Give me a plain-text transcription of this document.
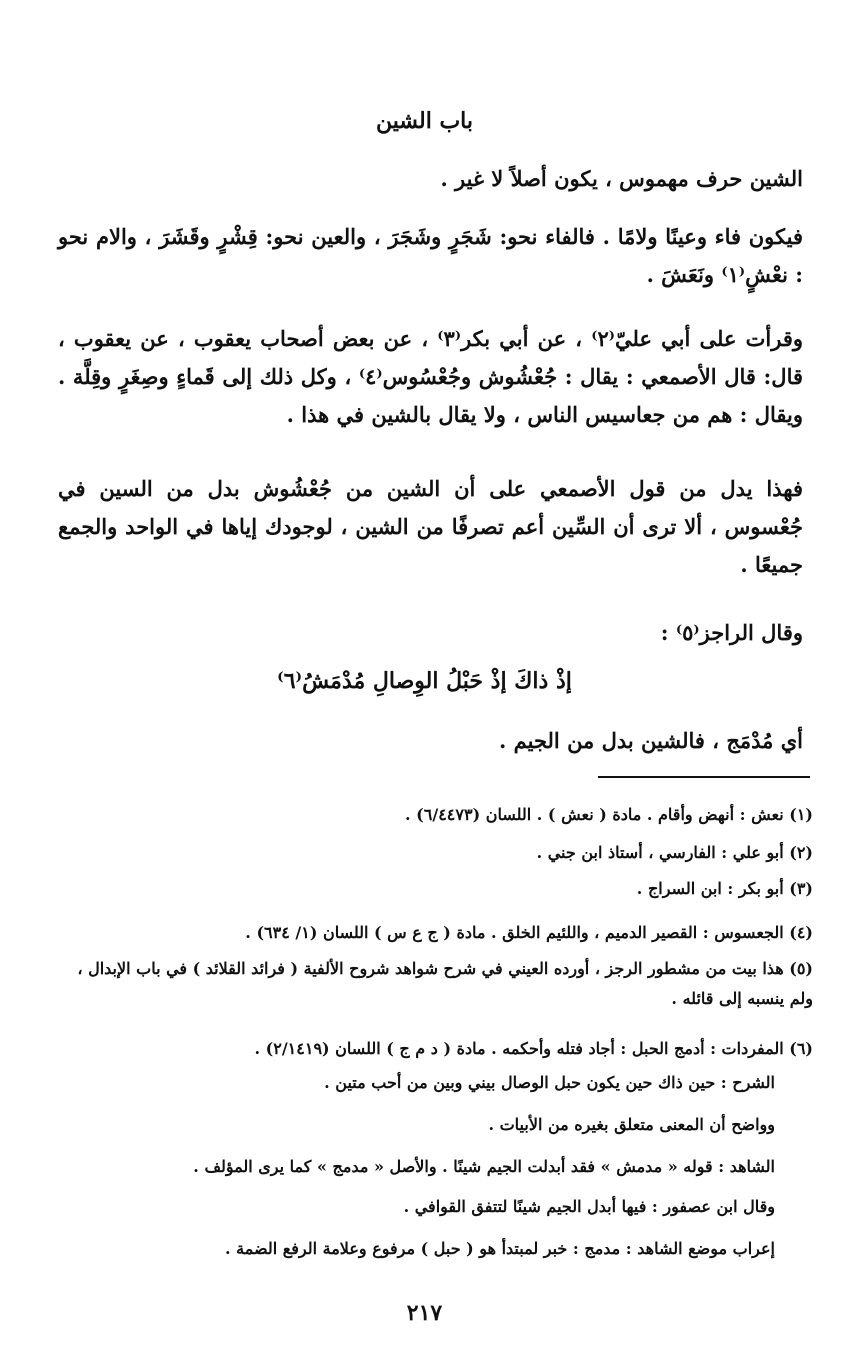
باب الشين

الشين حرف مهموس ، يكون أصلاً لا غير .

فيكون فاء وعينًا ولامًا . فالفاء نحو: شَجَرٍ وشَجَرَ ، والعين نحو: قِشْرٍ وقَشَرَ ، والام نحو : نعْشٍ⁽١⁾ ونَعَشَ .

وقرأت على أبي عليّ⁽٢⁾ ، عن أبي بكر⁽٣⁾ ، عن بعض أصحاب يعقوب ، عن يعقوب ، قال: قال الأصمعي : يقال : جُعْشُوش وجُعْسُوس⁽٤⁾ ، وكل ذلك إلى قَماءٍ وصِغَرٍ وقِلَّة . ويقال : هم من جعاسيس الناس ، ولا يقال بالشين في هذا .

فهذا يدل من قول الأصمعي على أن الشين من جُعْشُوش بدل من السين في جُعْسوس ، ألا ترى أن السِّين أعم تصرفًا من الشين ، لوجودك إياها في الواحد والجمع جميعًا .

وقال الراجز⁽٥⁾ :

إذْ ذاكَ إذْ حَبْلُ الوِصالِ مُدْمَشُ⁽٦⁾

أي مُدْمَج ، فالشين بدل من الجيم .

(١) نعش : أنهض وأقام . مادة ( نعش ) . اللسان (٦/٤٤٧٣) .

(٢) أبو علي : الفارسي ، أستاذ ابن جني .

(٣) أبو بكر : ابن السراج .

(٤) الجعسوس : القصير الدميم ، واللئيم الخلق . مادة ( ج ع س ) اللسان (١/ ٦٣٤) .

(٥) هذا بيت من مشطور الرجز ، أورده العيني في شرح شواهد شروح الألفية ( فرائد القلائد ) في باب الإبدال ، ولم ينسبه إلى قائله .

(٦) المفردات : أدمج الحبل : أجاد فتله وأحكمه . مادة ( د م ج ) اللسان (٢/١٤١٩) .

الشرح : حين ذاك حين يكون حبل الوصال بيني وبين من أحب متين .

وواضح أن المعنى متعلق بغيره من الأبيات .

الشاهد : قوله « مدمش » فقد أبدلت الجيم شينًا . والأصل « مدمج » كما يرى المؤلف .

وقال ابن عصفور : فيها أبدل الجيم شينًا لتتفق القوافي .

إعراب موضع الشاهد : مدمج : خبر لمبتدأ هو ( حبل ) مرفوع وعلامة الرفع الضمة .

٢١٧
